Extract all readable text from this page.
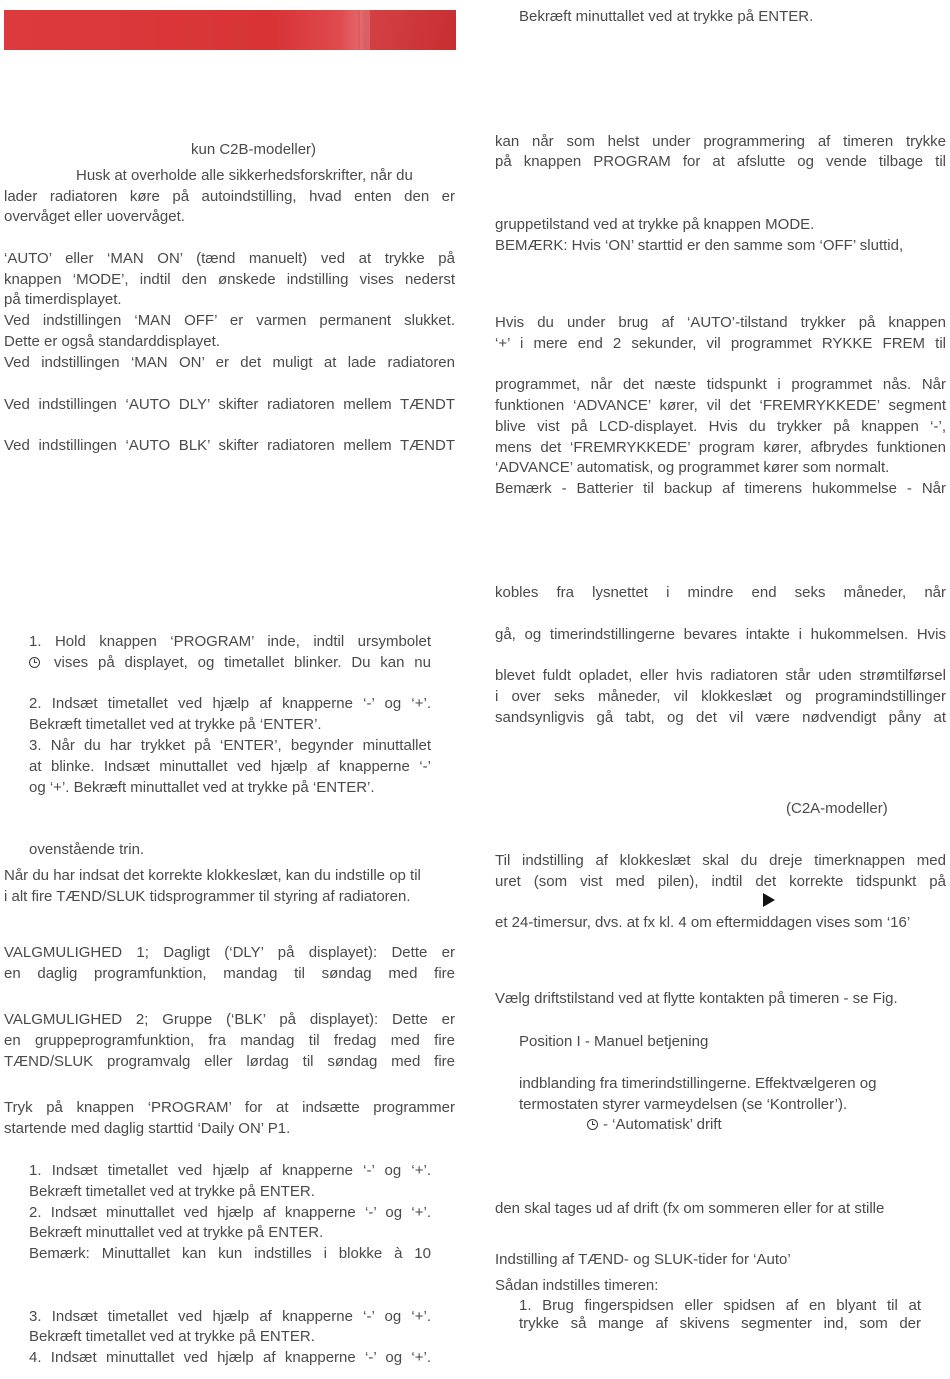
kun C2B-modeller)

Husk at overholde alle sikkerhedsforskrifter, når du

lader radiatoren køre på autoindstilling, hvad enten den er

overvåget eller uovervåget.

‘AUTO’ eller ‘MAN ON’ (tænd manuelt) ved at trykke på

knappen ‘MODE’, indtil den ønskede indstilling vises nederst

på timerdisplayet.

Ved indstillingen ‘MAN OFF’ er varmen permanent slukket.

Dette er også standarddisplayet.

Ved indstillingen ‘MAN ON’ er det muligt at lade radiatoren

Ved indstillingen ‘AUTO DLY’ skifter radiatoren mellem TÆNDT

Ved indstillingen ‘AUTO BLK’ skifter radiatoren mellem TÆNDT

1. Hold knappen ‘PROGRAM’ inde, indtil ursymbolet

vises på displayet, og timetallet blinker. Du kan nu

2. Indsæt timetallet ved hjælp af knapperne ‘-’ og ‘+’.

Bekræft timetallet ved at trykke på ‘ENTER’.

3. Når du har trykket på ‘ENTER’, begynder minuttallet

at blinke. Indsæt minuttallet ved hjælp af knapperne ‘-’

og ‘+’. Bekræft minuttallet ved at trykke på ‘ENTER’.

ovenstående trin.

Når du har indsat det korrekte klokkeslæt, kan du indstille op til

i alt fire TÆND/SLUK tidsprogrammer til styring af radiatoren.

VALGMULIGHED 1; Dagligt (‘DLY’ på displayet): Dette er

en daglig programfunktion, mandag til søndag med fire

VALGMULIGHED 2; Gruppe (‘BLK’ på displayet): Dette er

en gruppeprogramfunktion, fra mandag til fredag med fire

TÆND/SLUK programvalg eller lørdag til søndag med fire

Tryk på knappen ‘PROGRAM’ for at indsætte programmer

startende med daglig starttid ‘Daily ON’ P1.

1. Indsæt timetallet ved hjælp af knapperne ‘-’ og ‘+’.

Bekræft timetallet ved at trykke på ENTER.

2. Indsæt minuttallet ved hjælp af knapperne ‘-’ og ‘+’.

Bekræft minuttallet ved at trykke på ENTER.

Bemærk: Minuttallet kan kun indstilles i blokke à 10

3. Indsæt timetallet ved hjælp af knapperne ‘-’ og ‘+’.

Bekræft timetallet ved at trykke på ENTER.

4. Indsæt minuttallet ved hjælp af knapperne ‘-’ og ‘+’.

Bekræft minuttallet ved at trykke på ENTER.

kan når som helst under programmering af timeren trykke

på knappen PROGRAM for at afslutte og vende tilbage til

gruppetilstand ved at trykke på knappen MODE.

BEMÆRK: Hvis ‘ON’ starttid er den samme som ‘OFF’ sluttid,

Hvis du under brug af ‘AUTO’-tilstand trykker på knappen

‘+’ i mere end 2 sekunder, vil programmet RYKKE FREM til

programmet, når det næste tidspunkt i programmet nås. Når

funktionen ‘ADVANCE’ kører, vil det ‘FREMRYKKEDE’ segment

blive vist på LCD-displayet. Hvis du trykker på knappen ‘-’,

mens det ‘FREMRYKKEDE’ program kører, afbrydes funktionen

‘ADVANCE’ automatisk, og programmet kører som normalt.

Bemærk - Batterier til backup af timerens hukommelse - Når

kobles fra lysnettet i mindre end seks måneder, når

gå, og timerindstillingerne bevares intakte i hukommelsen. Hvis

blevet fuldt opladet, eller hvis radiatoren står uden strømtilførsel

i over seks måneder, vil klokkeslæt og programindstillinger

sandsynligvis gå tabt, og det vil være nødvendigt påny at

(C2A-modeller)

Til indstilling af klokkeslæt skal du dreje timerknappen med

uret (som vist med pilen), indtil det korrekte tidspunkt på

et 24-timersur, dvs. at fx kl. 4 om eftermiddagen vises som ‘16’

Vælg driftstilstand ved at flytte kontakten på timeren - se Fig.

Position I - Manuel betjening

indblanding fra timerindstillingerne. Effektvælgeren og

termostaten styrer varmeydelsen (se ‘Kontroller’).

- ‘Automatisk’ drift

den skal tages ud af drift (fx om sommeren eller for at stille

Indstilling af TÆND- og SLUK-tider for ‘Auto’

Sådan indstilles timeren:

1. Brug fingerspidsen eller spidsen af en blyant til at

trykke så mange af skivens segmenter ind, som der
